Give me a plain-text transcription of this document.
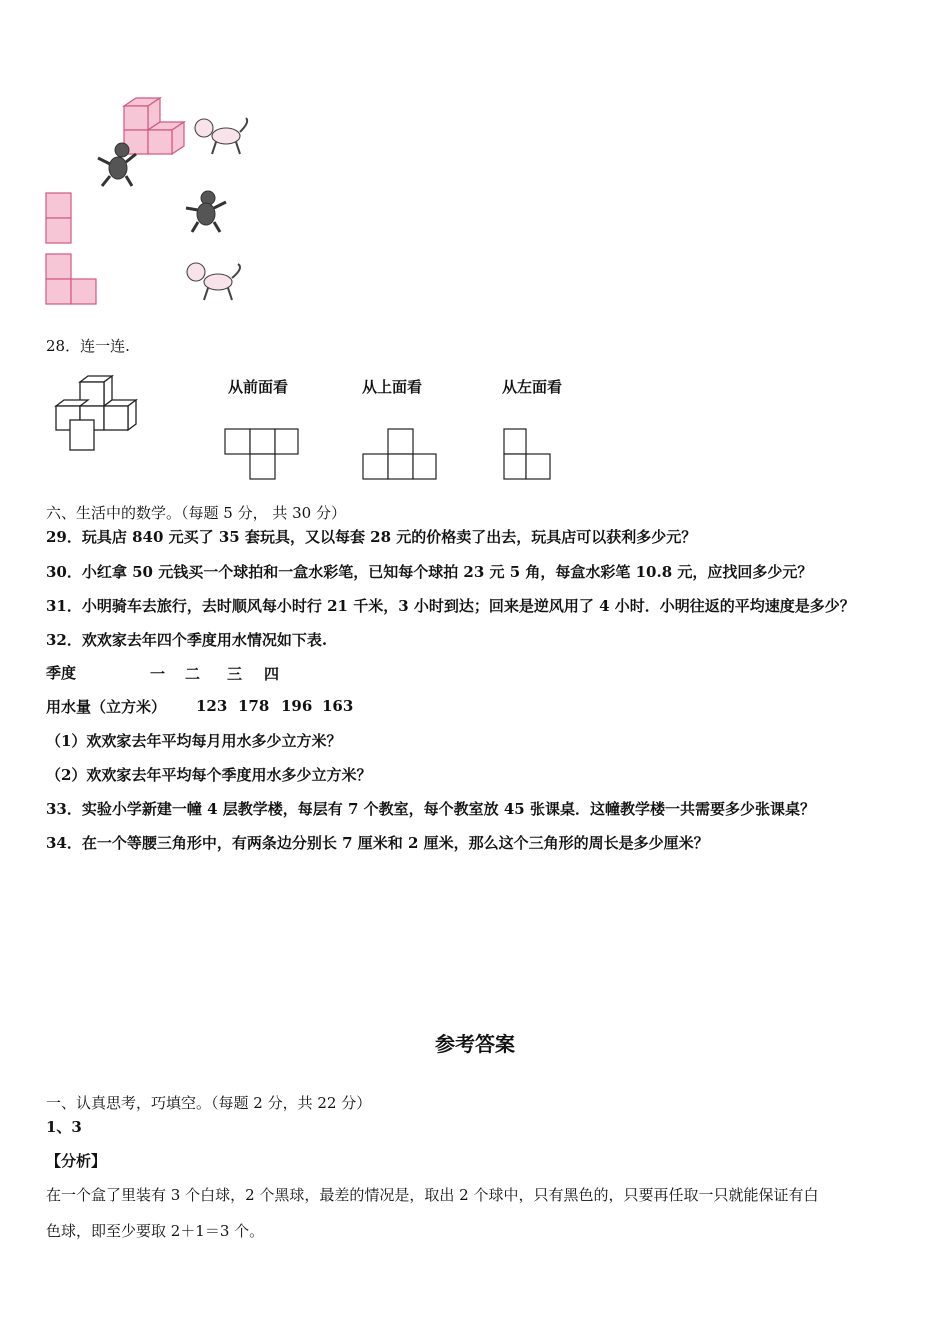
28．连一连.
从前面看	从上面看	从左面看
六、生活中的数学。（每题 5 分， 共 30 分）
29．玩具店 840 元买了 35 套玩具，又以每套 28 元的价格卖了出去，玩具店可以获利多少元？
30．小红拿 50 元钱买一个球拍和一盒水彩笔，已知每个球拍 23 元 5 角，每盒水彩笔 10.8 元，应找回多少元？
31．小明骑车去旅行，去时顺风每小时行 21 千米，3 小时到达；回来是逆风用了 4 小时．小明往返的平均速度是多少？
32．欢欢家去年四个季度用水情况如下表.
季度	一 二 三 四
用水量（立方米） 123 178 196 163
（1）欢欢家去年平均每月用水多少立方米？
（2）欢欢家去年平均每个季度用水多少立方米？
33．实验小学新建一幢 4 层教学楼，每层有 7 个教室，每个教室放 45 张课桌．这幢教学楼一共需要多少张课桌？
34．在一个等腰三角形中，有两条边分别长 7 厘米和 2 厘米，那么这个三角形的周长是多少厘米？
参考答案
一、认真思考，巧填空。（每题 2 分，共 22 分）
1、3
【分析】
在一个盒了里装有 3 个白球，2 个黑球，最差的情况是，取出 2 个球中，只有黑色的，只要再任取一只就能保证有白
色球，即至少要取 2＋1＝3 个。
